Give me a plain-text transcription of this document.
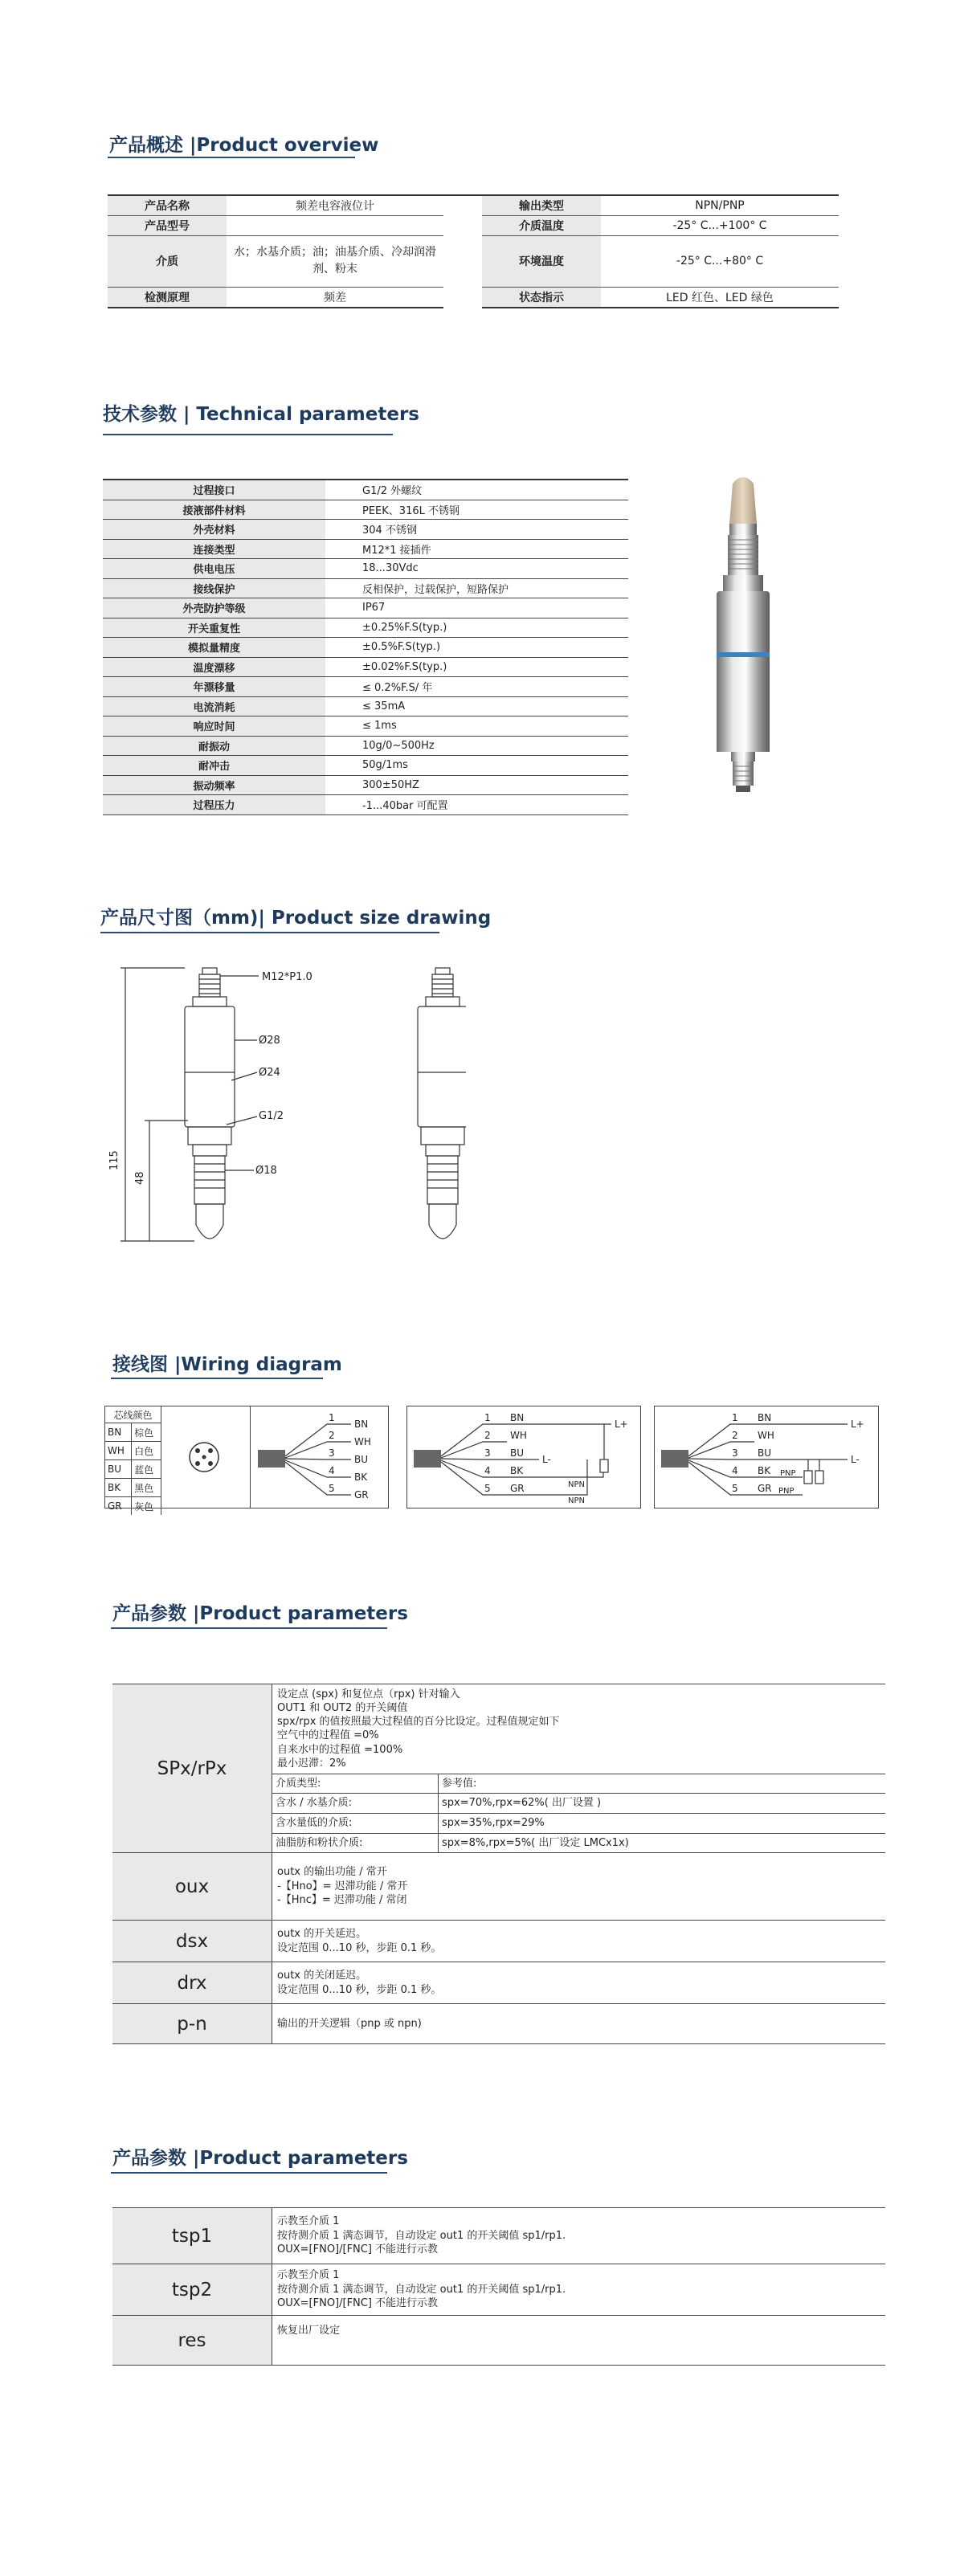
产品概述 |Product overview
产品名称	频差电容液位计		输出类型	NPN/PNP
产品型号			介质温度	-25° C...+100° C
介质	水；水基介质；油；油基介质、冷却润滑剂、粉末		环境温度	-25° C...+80° C
检测原理	频差		状态指示	LED 红色、LED 绿色
技术参数 | Technical parameters
过程接口	G1/2 外螺纹
接液部件材料	PEEK、316L 不锈钢
外壳材料	304 不锈钢
连接类型	M12*1 接插件
供电电压	18...30Vdc
接线保护	反相保护，过载保护，短路保护
外壳防护等级	IP67
开关重复性	±0.25%F.S(typ.)
模拟量精度	±0.5%F.S(typ.)
温度漂移	±0.02%F.S(typ.)
年漂移量	≤ 0.2%F.S/ 年
电流消耗	≤ 35mA
响应时间	≤ 1ms
耐振动	10g/0~500Hz
耐冲击	50g/1ms
振动频率	300±50HZ
过程压力	-1...40bar 可配置
产品尺寸图（mm)| Product size drawing
M12*P1.0
Ø28
Ø24
G1/2
Ø18
115
48
接线图 |Wiring diagram
芯线颜色	
BN	棕色
WH	白色
BU	蓝色
BK	黑色
GR	灰色
1
BN
2
WH
3
BU
4
BK
5
GR
1 BN
2 WH
3 BU
4 BK
5 GR
L+
L-
NPN
NPN
1 BN
2 WH
3 BU
4 BK
5 GR
L+
L-
PNP
PNP
产品参数 |Product parameters
SPx/rPx	
设定点 (spx) 和复位点（rpx) 针对输入
OUT1 和 OUT2 的开关阈值
spx/rpx 的值按照最大过程值的百分比设定。过程值规定如下
空气中的过程值 =0%
自来水中的过程值 =100%
最小迟滞：2%
介质类型:	参考值:
含水 / 水基介质:	spx=70%,rpx=62%( 出厂设置 )
含水量低的介质:	spx=35%,rpx=29%
油脂肪和粉状介质:	spx=8%,rpx=5%( 出厂设定 LMCx1x)

oux	
outx 的输出功能 / 常开
-【Hno】= 迟滞功能 / 常开
-【Hnc】= 迟滞功能 / 常闭

dsx	outx 的开关延迟。
设定范围 0...10 秒，步距 0.1 秒。

drx	outx 的关闭延迟。
设定范围 0...10 秒，步距 0.1 秒。

p-n	输出的开关逻辑（pnp 或 npn)
产品参数 |Product parameters
tsp1	示教至介质 1
按待测介质 1 满态调节，自动设定 out1 的开关阈值 sp1/rp1.
OUX=[FNO]/[FNC] 不能进行示教

tsp2	示教至介质 1
按待测介质 1 满态调节，自动设定 out1 的开关阈值 sp1/rp1.
OUX=[FNO]/[FNC] 不能进行示教

res	恢复出厂设定
